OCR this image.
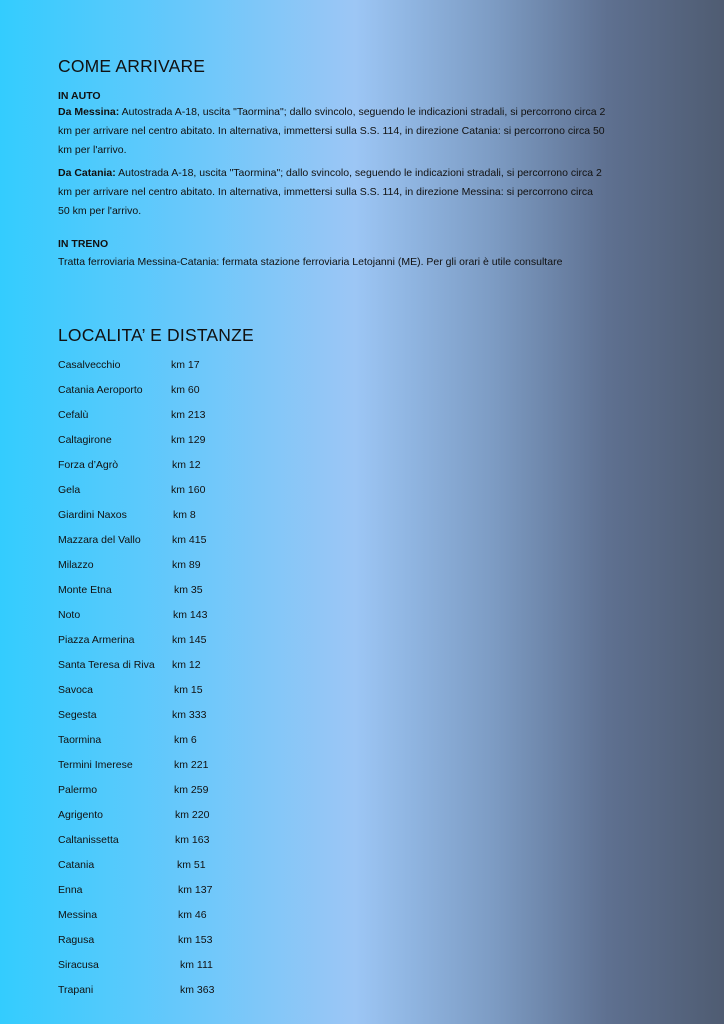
COME ARRIVARE
IN AUTO
Da Messina: Autostrada A-18, uscita "Taormina"; dallo svincolo, seguendo le indicazioni stradali, si percorrono circa 2 km per arrivare nel centro abitato. In alternativa, immettersi sulla S.S. 114, in direzione Catania: si percorrono circa 50 km per l'arrivo.
Da Catania: Autostrada A-18, uscita "Taormina"; dallo svincolo, seguendo le indicazioni stradali, si percorrono circa 2 km per arrivare nel centro abitato. In alternativa, immettersi sulla S.S. 114, in direzione Messina: si percorrono circa 50 km per l'arrivo.
IN TRENO
Tratta ferroviaria Messina-Catania: fermata stazione ferroviaria Letojanni (ME). Per gli orari è utile consultare
LOCALITA’ E DISTANZE
Casalvecchio	km 17
Catania Aeroporto	km 60
Cefalù	km 213
Caltagirone	km 129
Forza d’Agrò	km 12
Gela	km 160
Giardini Naxos	km 8
Mazzara del Vallo	km 415
Milazzo	km 89
Monte Etna	km 35
Noto	km 143
Piazza Armerina	km 145
Santa Teresa di Riva km 12
Savoca	km 15
Segesta	km 333
Taormina	km 6
Termini Imerese	km 221
Palermo	km 259
Agrigento	km 220
Caltanissetta	km 163
Catania	km 51
Enna	km 137
Messina	km 46
Ragusa	km 153
Siracusa	km 111
Trapani	km 363
